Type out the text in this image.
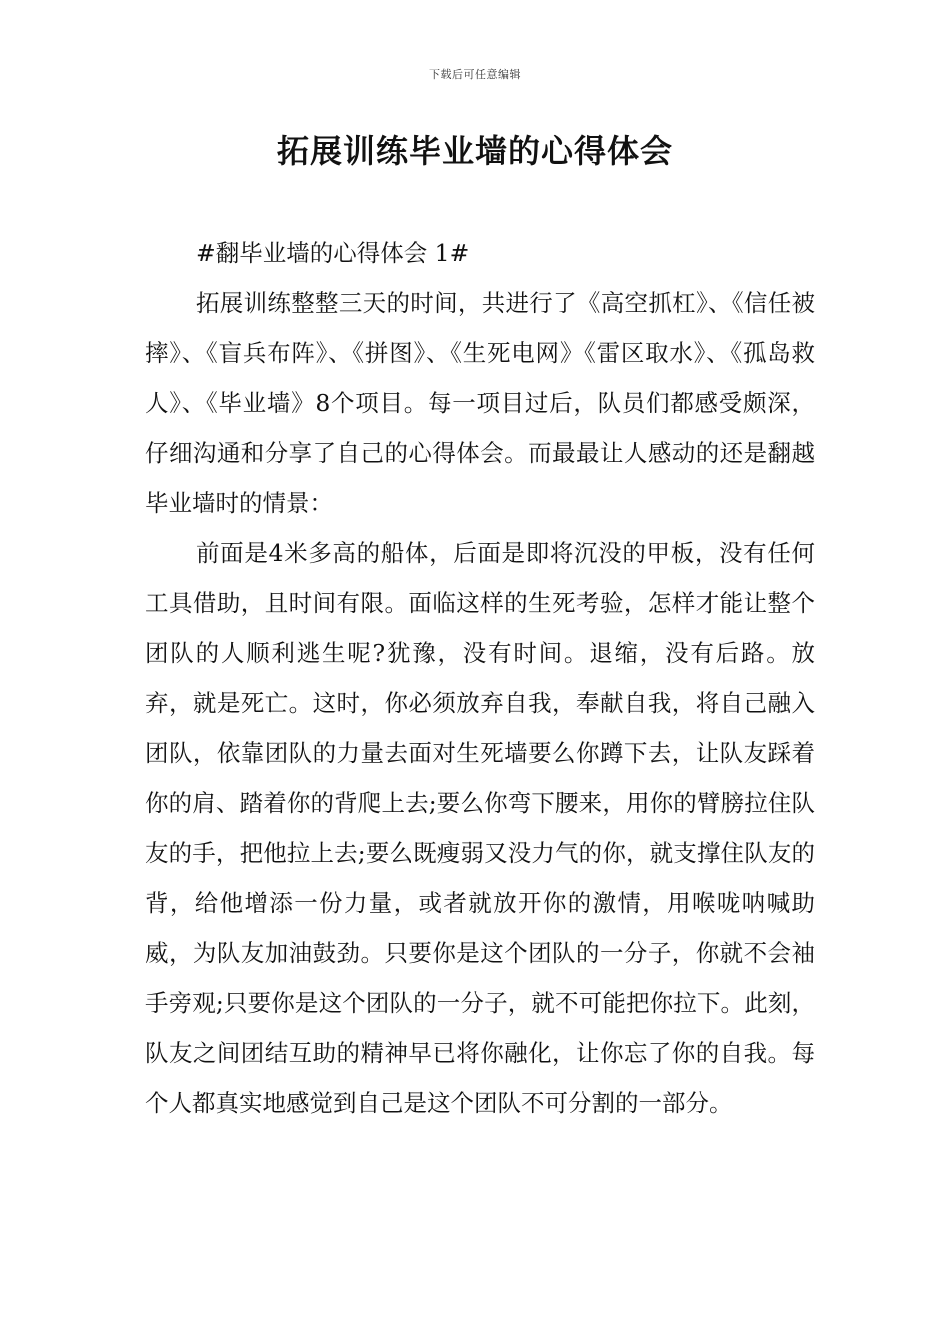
下载后可任意编辑
拓展训练毕业墙的心得体会

#翻毕业墙的心得体会 1#

拓展训练整整三天的时间，共进行了《高空抓杠》、《信任被摔》、《盲兵布阵》、《拼图》、《生死电网》《雷区取水》、《孤岛救人》、《毕业墙》8个项目。每一项目过后，队员们都感受颇深，仔细沟通和分享了自己的心得体会。而最最让人感动的还是翻越毕业墙时的情景：

前面是4米多高的船体，后面是即将沉没的甲板，没有任何工具借助，且时间有限。面临这样的生死考验，怎样才能让整个团队的人顺利逃生呢?犹豫，没有时间。退缩，没有后路。放弃，就是死亡。这时，你必须放弃自我，奉献自我，将自己融入团队，依靠团队的力量去面对生死墙要么你蹲下去，让队友踩着你的肩、踏着你的背爬上去;要么你弯下腰来，用你的臂膀拉住队友的手，把他拉上去;要么既瘦弱又没力气的你，就支撑住队友的背，给他增添一份力量，或者就放开你的激情，用喉咙呐喊助威，为队友加油鼓劲。只要你是这个团队的一分子，你就不会袖手旁观;只要你是这个团队的一分子，就不可能把你拉下。此刻，队友之间团结互助的精神早已将你融化，让你忘了你的自我。每个人都真实地感觉到自己是这个团队不可分割的一部分。
